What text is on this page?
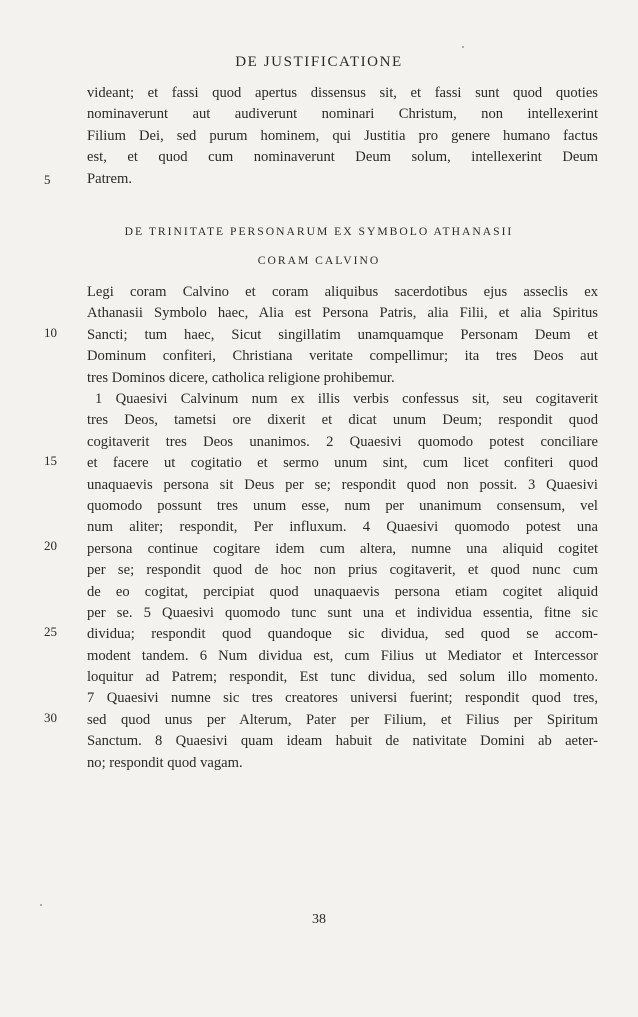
DE JUSTIFICATIONE
videant; et fassi quod apertus dissensus sit, et fassi sunt quod quoties
nominaverunt aut audiverunt nominari Christum, non intellexerint
Filium Dei, sed purum hominem, qui Justitia pro genere humano factus
est, et quod cum nominaverunt Deum solum, intellexerint Deum
Patrem.
DE TRINITATE PERSONARUM EX SYMBOLO ATHANASII
CORAM CALVINO
Legi coram Calvino et coram aliquibus sacerdotibus ejus asseclis ex
Athanasii Symbolo haec, Alia est Persona Patris, alia Filii, et alia Spiritus
Sancti; tum haec, Sicut singillatim unamquamque Personam Deum et
Dominum confiteri, Christiana veritate compellimur; ita tres Deos aut
tres Dominos dicere, catholica religione prohibemur.
1 Quaesivi Calvinum num ex illis verbis confessus sit, seu cogitaverit
tres Deos, tametsi ore dixerit et dicat unum Deum; respondit quod
cogitaverit tres Deos unanimos. 2 Quaesivi quomodo potest conciliare
et facere ut cogitatio et sermo unum sint, cum licet confiteri quod
unaquaevis persona sit Deus per se; respondit quod non possit. 3 Quaesivi
quomodo possunt tres unum esse, num per unanimum consensum, vel
num aliter; respondit, Per influxum. 4 Quaesivi quomodo potest una
persona continue cogitare idem cum altera, numne una aliquid cogitet
per se; respondit quod de hoc non prius cogitaverit, et quod nunc cum
de eo cogitat, percipiat quod unaquaevis persona etiam cogitet aliquid
per se. 5 Quaesivi quomodo tunc sunt una et individua essentia, fitne sic
dividua; respondit quod quandoque sic dividua, sed quod se accom-
modent tandem. 6 Num dividua est, cum Filius ut Mediator et Intercessor
loquitur ad Patrem; respondit, Est tunc dividua, sed solum illo momento.
7 Quaesivi numne sic tres creatores universi fuerint; respondit quod tres,
sed quod unus per Alterum, Pater per Filium, et Filius per Spiritum
Sanctum. 8 Quaesivi quam ideam habuit de nativitate Domini ab aeter-
no; respondit quod vagam.
5
10
15
20
25
30
38
